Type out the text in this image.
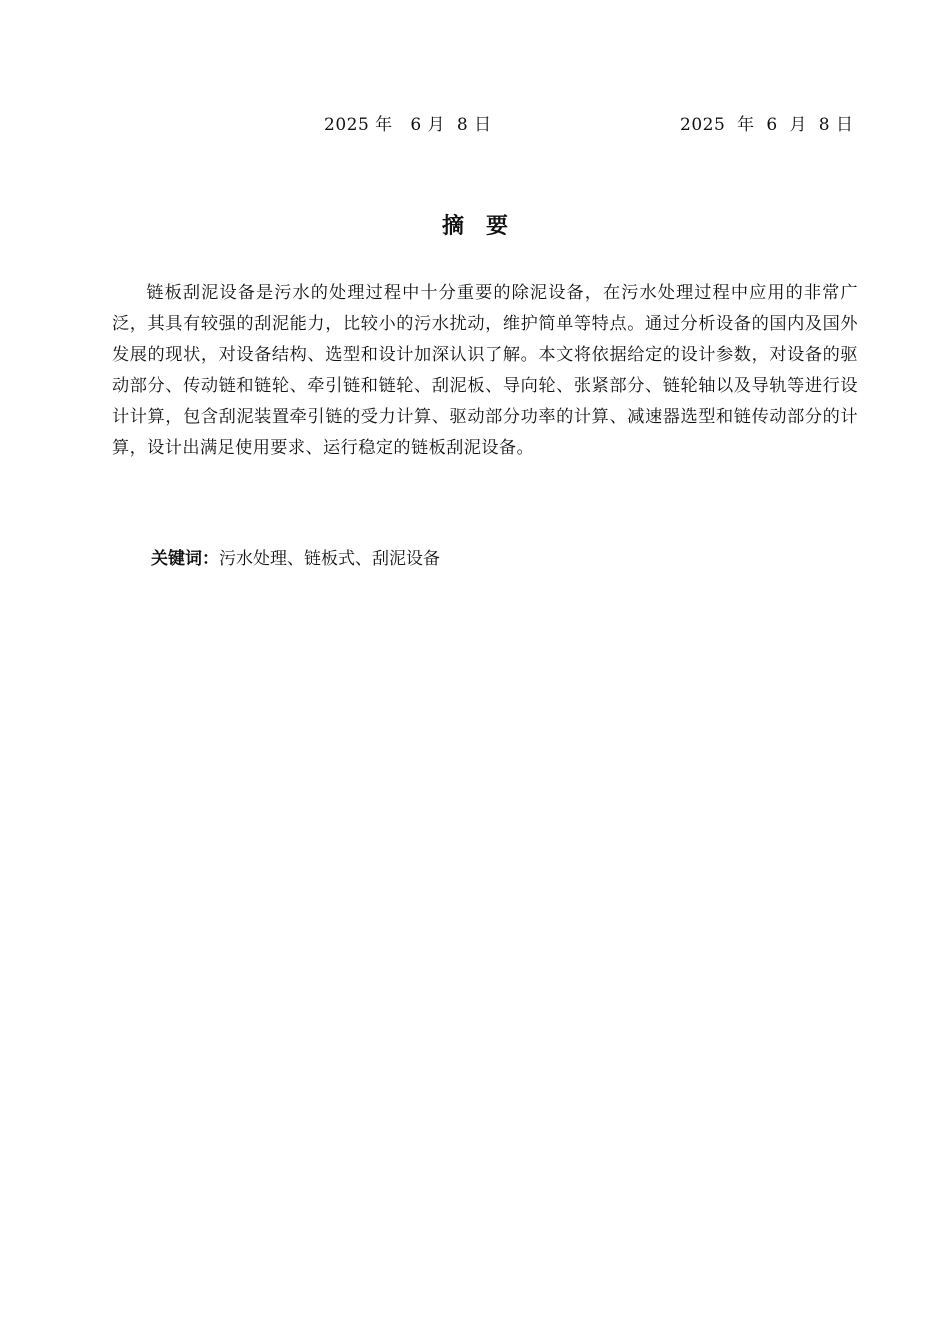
2025 年   6 月  8 日	2025  年  6  月  8 日
摘　要

链板刮泥设备是污水的处理过程中十分重要的除泥设备，在污水处理过程中应用的非常广泛，其具有较强的刮泥能力，比较小的污水扰动，维护简单等特点。通过分析设备的国内及国外发展的现状，对设备结构、选型和设计加深认识了解。本文将依据给定的设计参数，对设备的驱动部分、传动链和链轮、牵引链和链轮、刮泥板、导向轮、张紧部分、链轮轴以及导轨等进行设计计算，包含刮泥装置牵引链的受力计算、驱动部分功率的计算、减速器选型和链传动部分的计算，设计出满足使用要求、运行稳定的链板刮泥设备。

关键词：污水处理、链板式、刮泥设备
